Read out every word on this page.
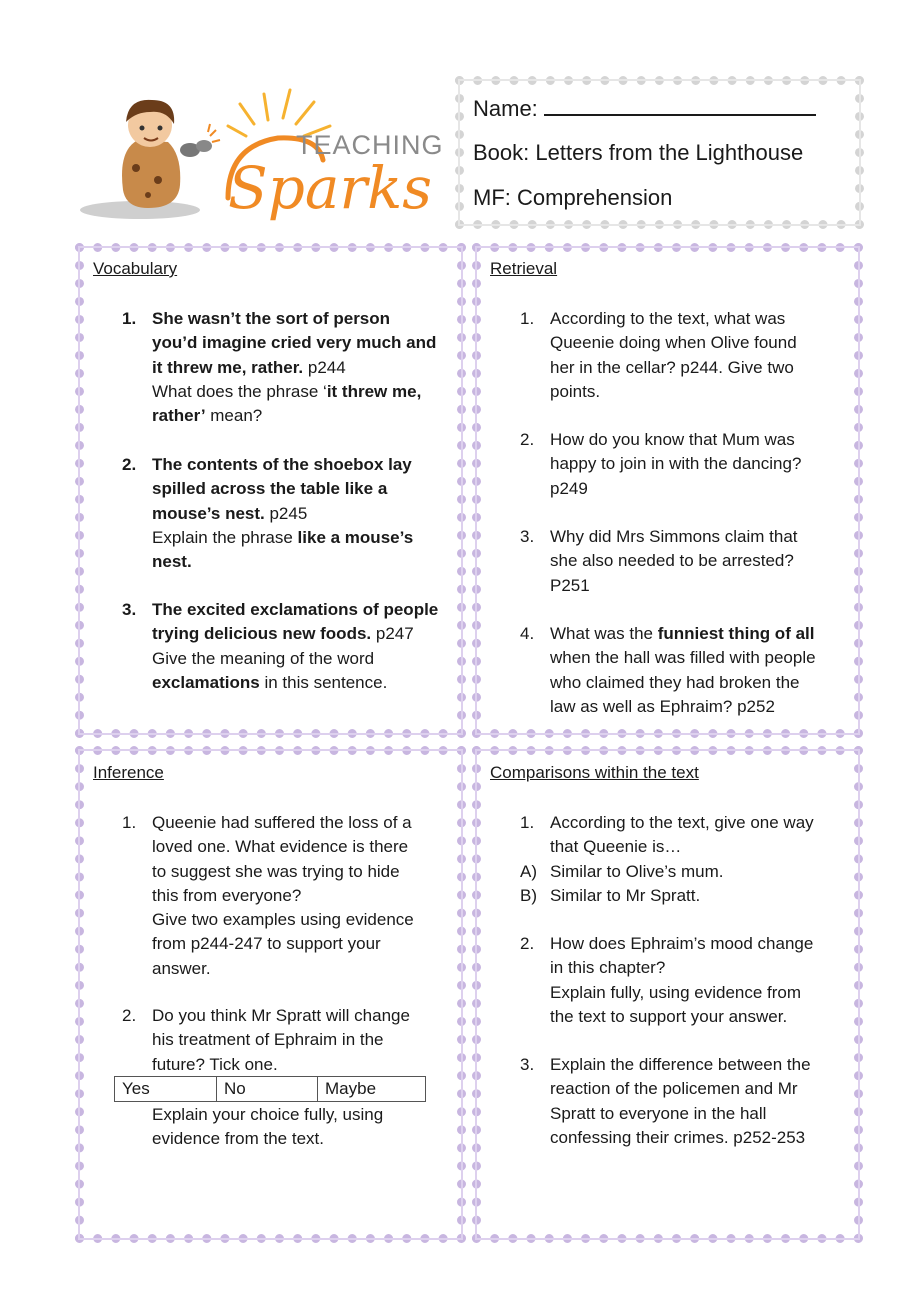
TEACHING
Sparks
Name:
Book: Letters from the Lighthouse
MF: Comprehension
Vocabulary
1. She wasn’t the sort of person
you’d imagine cried very much and
it threw me, rather. p244
What does the phrase ‘it threw me,
rather’ mean?
2. The contents of the shoebox lay
spilled across the table like a
mouse’s nest. p245
Explain the phrase like a mouse’s
nest.
3. The excited exclamations of people
trying delicious new foods. p247
Give the meaning of the word
exclamations in this sentence.
Retrieval
1. According to the text, what was
Queenie doing when Olive found
her in the cellar? p244. Give two
points.
2. How do you know that Mum was
happy to join in with the dancing?
p249
3. Why did Mrs Simmons claim that
she also needed to be arrested?
P251
4. What was the funniest thing of all
when the hall was filled with people
who claimed they had broken the
law as well as Ephraim? p252
Inference
1. Queenie had suffered the loss of a
loved one. What evidence is there
to suggest she was trying to hide
this from everyone?
Give two examples using evidence
from p244-247 to support your
answer.
2. Do you think Mr Spratt will change
his treatment of Ephraim in the
future? Tick one.
Yes	No	Maybe
Explain your choice fully, using
evidence from the text.
Comparisons within the text
1. According to the text, give one way
that Queenie is…
A) Similar to Olive’s mum.
B) Similar to Mr Spratt.
2. How does Ephraim’s mood change
in this chapter?
Explain fully, using evidence from
the text to support your answer.
3. Explain the difference between the
reaction of the policemen and Mr
Spratt to everyone in the hall
confessing their crimes. p252-253
